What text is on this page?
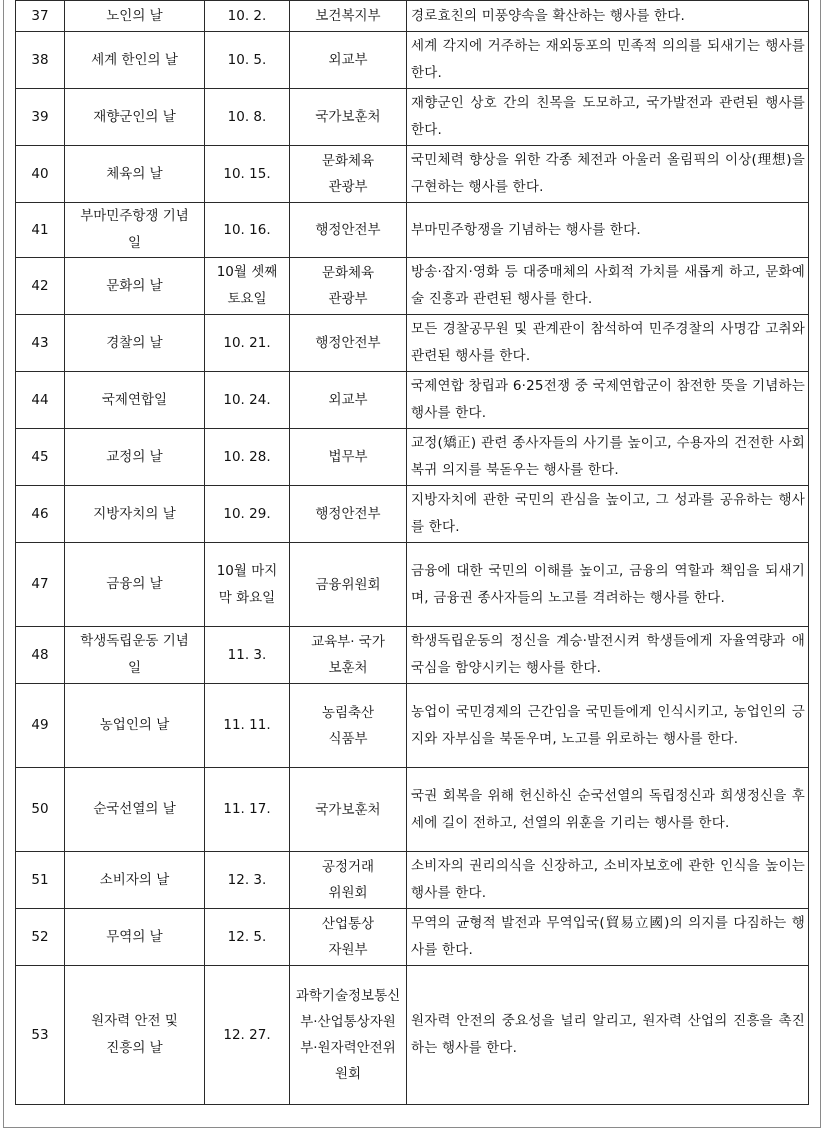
37	노인의 날	10. 2.	보건복지부	경로효친의 미풍양속을 확산하는 행사를 한다.
38	세계 한인의 날	10. 5.	외교부	세계 각지에 거주하는 재외동포의 민족적 의의를 되새기는 행사를 한다.
39	재향군인의 날	10. 8.	국가보훈처	재향군인 상호 간의 친목을 도모하고, 국가발전과 관련된 행사를 한다.
40	체육의 날	10. 15.	문화체육 관광부	국민체력 향상을 위한 각종 체전과 아울러 올림픽의 이상(理想)을 구현하는 행사를 한다.
41	부마민주항쟁 기념일	10. 16.	행정안전부	부마민주항쟁을 기념하는 행사를 한다.
42	문화의 날	10월 셋째 토요일	문화체육 관광부	방송·잡지·영화 등 대중매체의 사회적 가치를 새롭게 하고, 문화예술 진흥과 관련된 행사를 한다.
43	경찰의 날	10. 21.	행정안전부	모든 경찰공무원 및 관계관이 참석하여 민주경찰의 사명감 고취와 관련된 행사를 한다.
44	국제연합일	10. 24.	외교부	국제연합 창립과 6·25전쟁 중 국제연합군이 참전한 뜻을 기념하는 행사를 한다.
45	교정의 날	10. 28.	법무부	교정(矯正) 관련 종사자들의 사기를 높이고, 수용자의 건전한 사회복귀 의지를 북돋우는 행사를 한다.
46	지방자치의 날	10. 29.	행정안전부	지방자치에 관한 국민의 관심을 높이고, 그 성과를 공유하는 행사를 한다.
47	금융의 날	10월 마지막 화요일	금융위원회	금융에 대한 국민의 이해를 높이고, 금융의 역할과 책임을 되새기며, 금융권 종사자들의 노고를 격려하는 행사를 한다.
48	학생독립운동 기념일	11. 3.	교육부· 국가보훈처	학생독립운동의 정신을 계승·발전시켜 학생들에게 자율역량과 애국심을 함양시키는 행사를 한다.
49	농업인의 날	11. 11.	농림축산 식품부	농업이 국민경제의 근간임을 국민들에게 인식시키고, 농업인의 긍지와 자부심을 북돋우며, 노고를 위로하는 행사를 한다.
50	순국선열의 날	11. 17.	국가보훈처	국권 회복을 위해 헌신하신 순국선열의 독립정신과 희생정신을 후세에 길이 전하고, 선열의 위훈을 기리는 행사를 한다.
51	소비자의 날	12. 3.	공정거래 위원회	소비자의 권리의식을 신장하고, 소비자보호에 관한 인식을 높이는 행사를 한다.
52	무역의 날	12. 5.	산업통상 자원부	무역의 균형적 발전과 무역입국(貿易立國)의 의지를 다짐하는 행사를 한다.
53	원자력 안전 및 진흥의 날	12. 27.	과학기술정보통신부·산업통상자원부·원자력안전위원회	원자력 안전의 중요성을 널리 알리고, 원자력 산업의 진흥을 촉진하는 행사를 한다.
